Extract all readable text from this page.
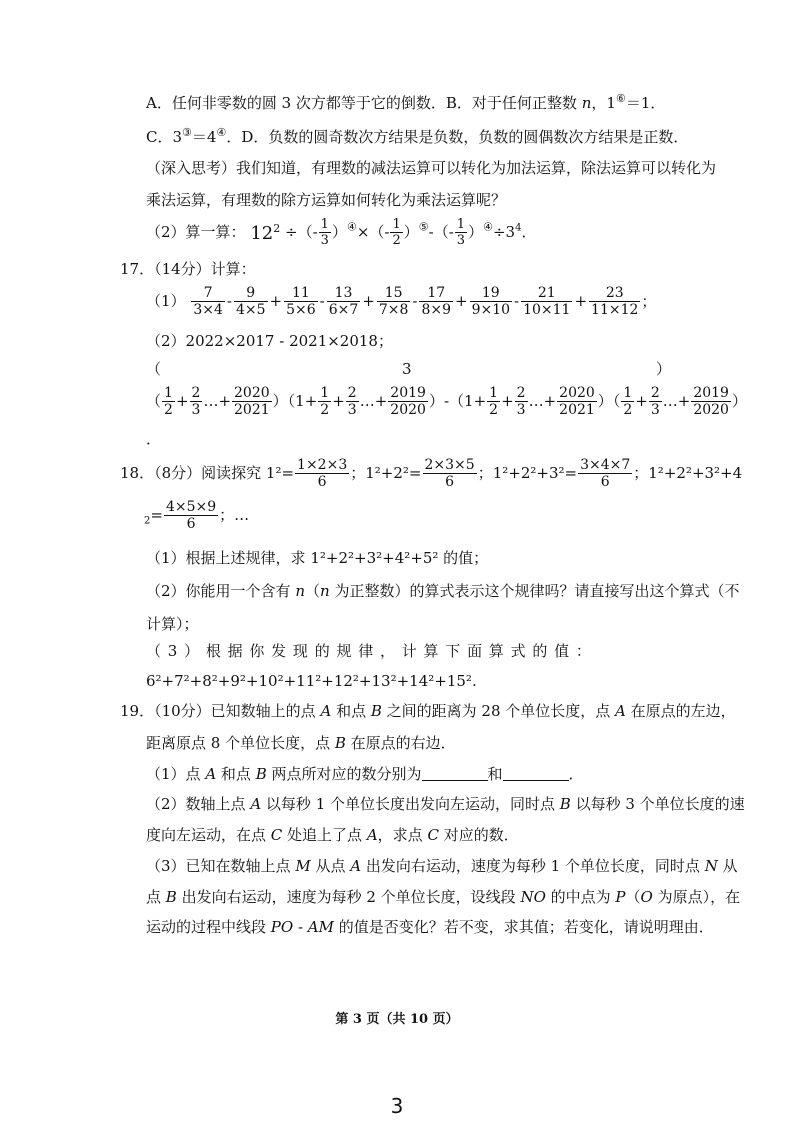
A．任何非零数的圆 3 次方都等于它的倒数．B．对于任何正整数 n，1⑥＝1．
C．3③＝4④．D．负数的圆奇数次方结果是负数，负数的圆偶数次方结果是正数．
（深入思考）我们知道，有理数的减法运算可以转化为加法运算，除法运算可以转化为
乘法运算，有理数的除方运算如何转化为乘法运算呢？
（2）算一算： $12^2$ ÷（- $\frac{1}{3} )^④\times(- \frac{1}{2} )^⑤-(- \frac{1}{3} )^④\div 3^4$．
17．（14分）计算：
$(1) \frac{7}{3\times 4} - \frac{9}{4\times 5} + \frac{11}{5\times 6} - \frac{13}{6\times 7} + \frac{15}{7\times 8} - \frac{17}{8\times 9} + \frac{19}{9\times 10} - \frac{21}{10\times 11} + \frac{23}{11\times 12}$ ；
（2）2022×2017 - 2021×2018；
（	3	）
（ $\frac{1}{2} + \frac{2}{3}$ …+ $\frac{2020}{2021} )(1+ \frac{1}{2} + \frac{2}{3}$ …+ $\frac{2019}{2020} )-(1+ \frac{1}{2} + \frac{2}{3}$ …+ $\frac{2020}{2021}$ ）（ $\frac{1}{2} + \frac{2}{3}$ …+ $\frac{2019}{2020}$ ）
．
18．（8分）阅读探究 $1^2= \frac{1\times 2\times 3}{6}$ ；$1^2+2^2= \frac{2\times 3\times 5}{6}$ ；$1^2+2^2+3^2= \frac{3\times 4\times 7}{6}$ ；1²+2²+3²+4
$_2= \frac{4\times 5\times 9}{6}$ ；…
（1）根据上述规律，求 1²+2²+3²+4²+5² 的值；
（2）你能用一个含有 n（n 为正整数）的算式表示这个规律吗？请直接写出这个算式（不
计算）；
（ 3 ） 根 据 你 发 现 的 规 律 ， 计 算 下 面 算 式 的 值 ：
6²+7²+8²+9²+10²+11²+12²+13²+14²+15².
19．（10分）已知数轴上的点 A 和点 B 之间的距离为 28 个单位长度，点 A 在原点的左边，
距离原点 8 个单位长度，点 B 在原点的右边．
（1）点 A 和点 B 两点所对应的数分别为	和	．
（2）数轴上点 A 以每秒 1 个单位长度出发向左运动，同时点 B 以每秒 3 个单位长度的速
度向左运动，在点 C 处追上了点 A，求点 C 对应的数．
（3）已知在数轴上点 M 从点 A 出发向右运动，速度为每秒 1 个单位长度，同时点 N 从
点 B 出发向右运动，速度为每秒 2 个单位长度，设线段 NO 的中点为 P（O 为原点），在
运动的过程中线段 PO - AM 的值是否变化？若不变，求其值；若变化，请说明理由．
第 3 页（共 10 页）
3
